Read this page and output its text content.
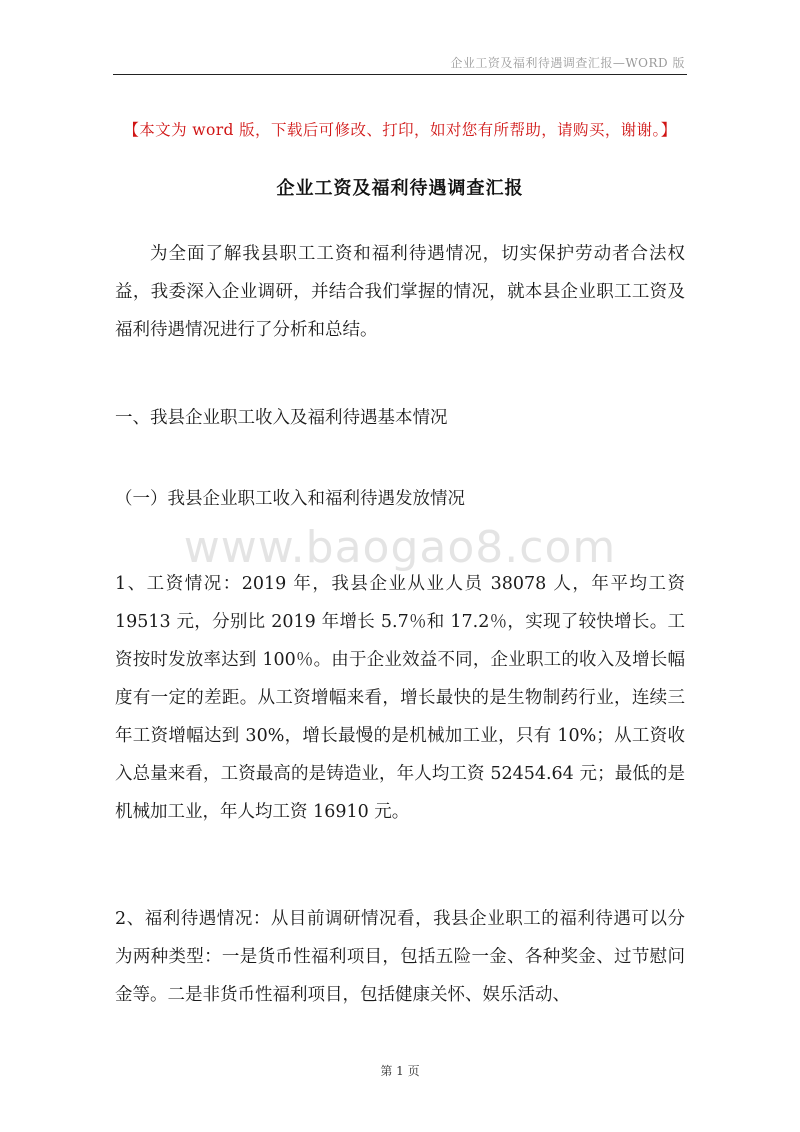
企业工资及福利待遇调查汇报—WORD 版
【本文为 word 版，下载后可修改、打印，如对您有所帮助，请购买，谢谢。】
企业工资及福利待遇调查汇报
为全面了解我县职工工资和福利待遇情况，切实保护劳动者合法权益，我委深入企业调研，并结合我们掌握的情况，就本县企业职工工资及福利待遇情况进行了分析和总结。
一、我县企业职工收入及福利待遇基本情况
（一）我县企业职工收入和福利待遇发放情况
www.baogao8.com
1、工资情况：2019 年，我县企业从业人员 38078 人，年平均工资 19513 元，分别比 2019 年增长 5.7％和 17.2％，实现了较快增长。工资按时发放率达到 100％。由于企业效益不同，企业职工的收入及增长幅度有一定的差距。从工资增幅来看，增长最快的是生物制药行业，连续三年工资增幅达到 30%，增长最慢的是机械加工业，只有 10%；从工资收入总量来看，工资最高的是铸造业，年人均工资 52454.64 元；最低的是机械加工业，年人均工资 16910 元。
2、福利待遇情况：从目前调研情况看，我县企业职工的福利待遇可以分为两种类型：一是货币性福利项目，包括五险一金、各种奖金、过节慰问金等。二是非货币性福利项目，包括健康关怀、娱乐活动、
第 1 页
